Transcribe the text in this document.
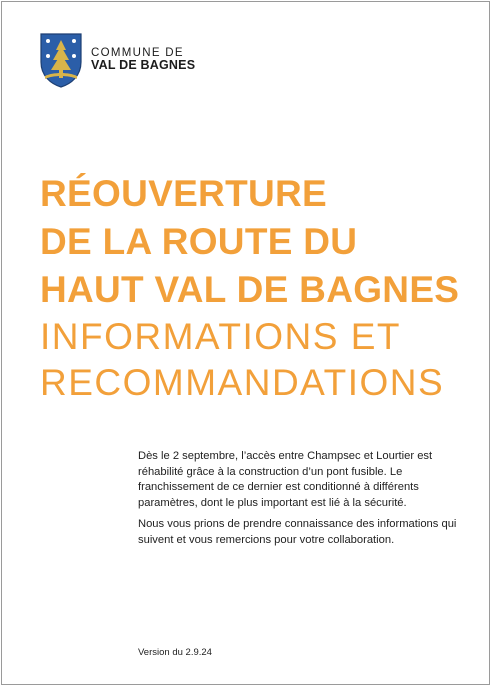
COMMUNE DE
VAL DE BAGNES
RÉOUVERTURE
DE LA ROUTE DU
HAUT VAL DE BAGNES
INFORMATIONS ET
RECOMMANDATIONS

Dès le 2 septembre, l’accès entre Champsec et Lourtier est réhabilité grâce à la construction d’un pont fusible. Le franchissement de ce dernier est conditionné à différents paramètres, dont le plus important est lié à la sécurité.

Nous vous prions de prendre connaissance des informations qui suivent et vous remercions pour votre collaboration.

Version du 2.9.24
